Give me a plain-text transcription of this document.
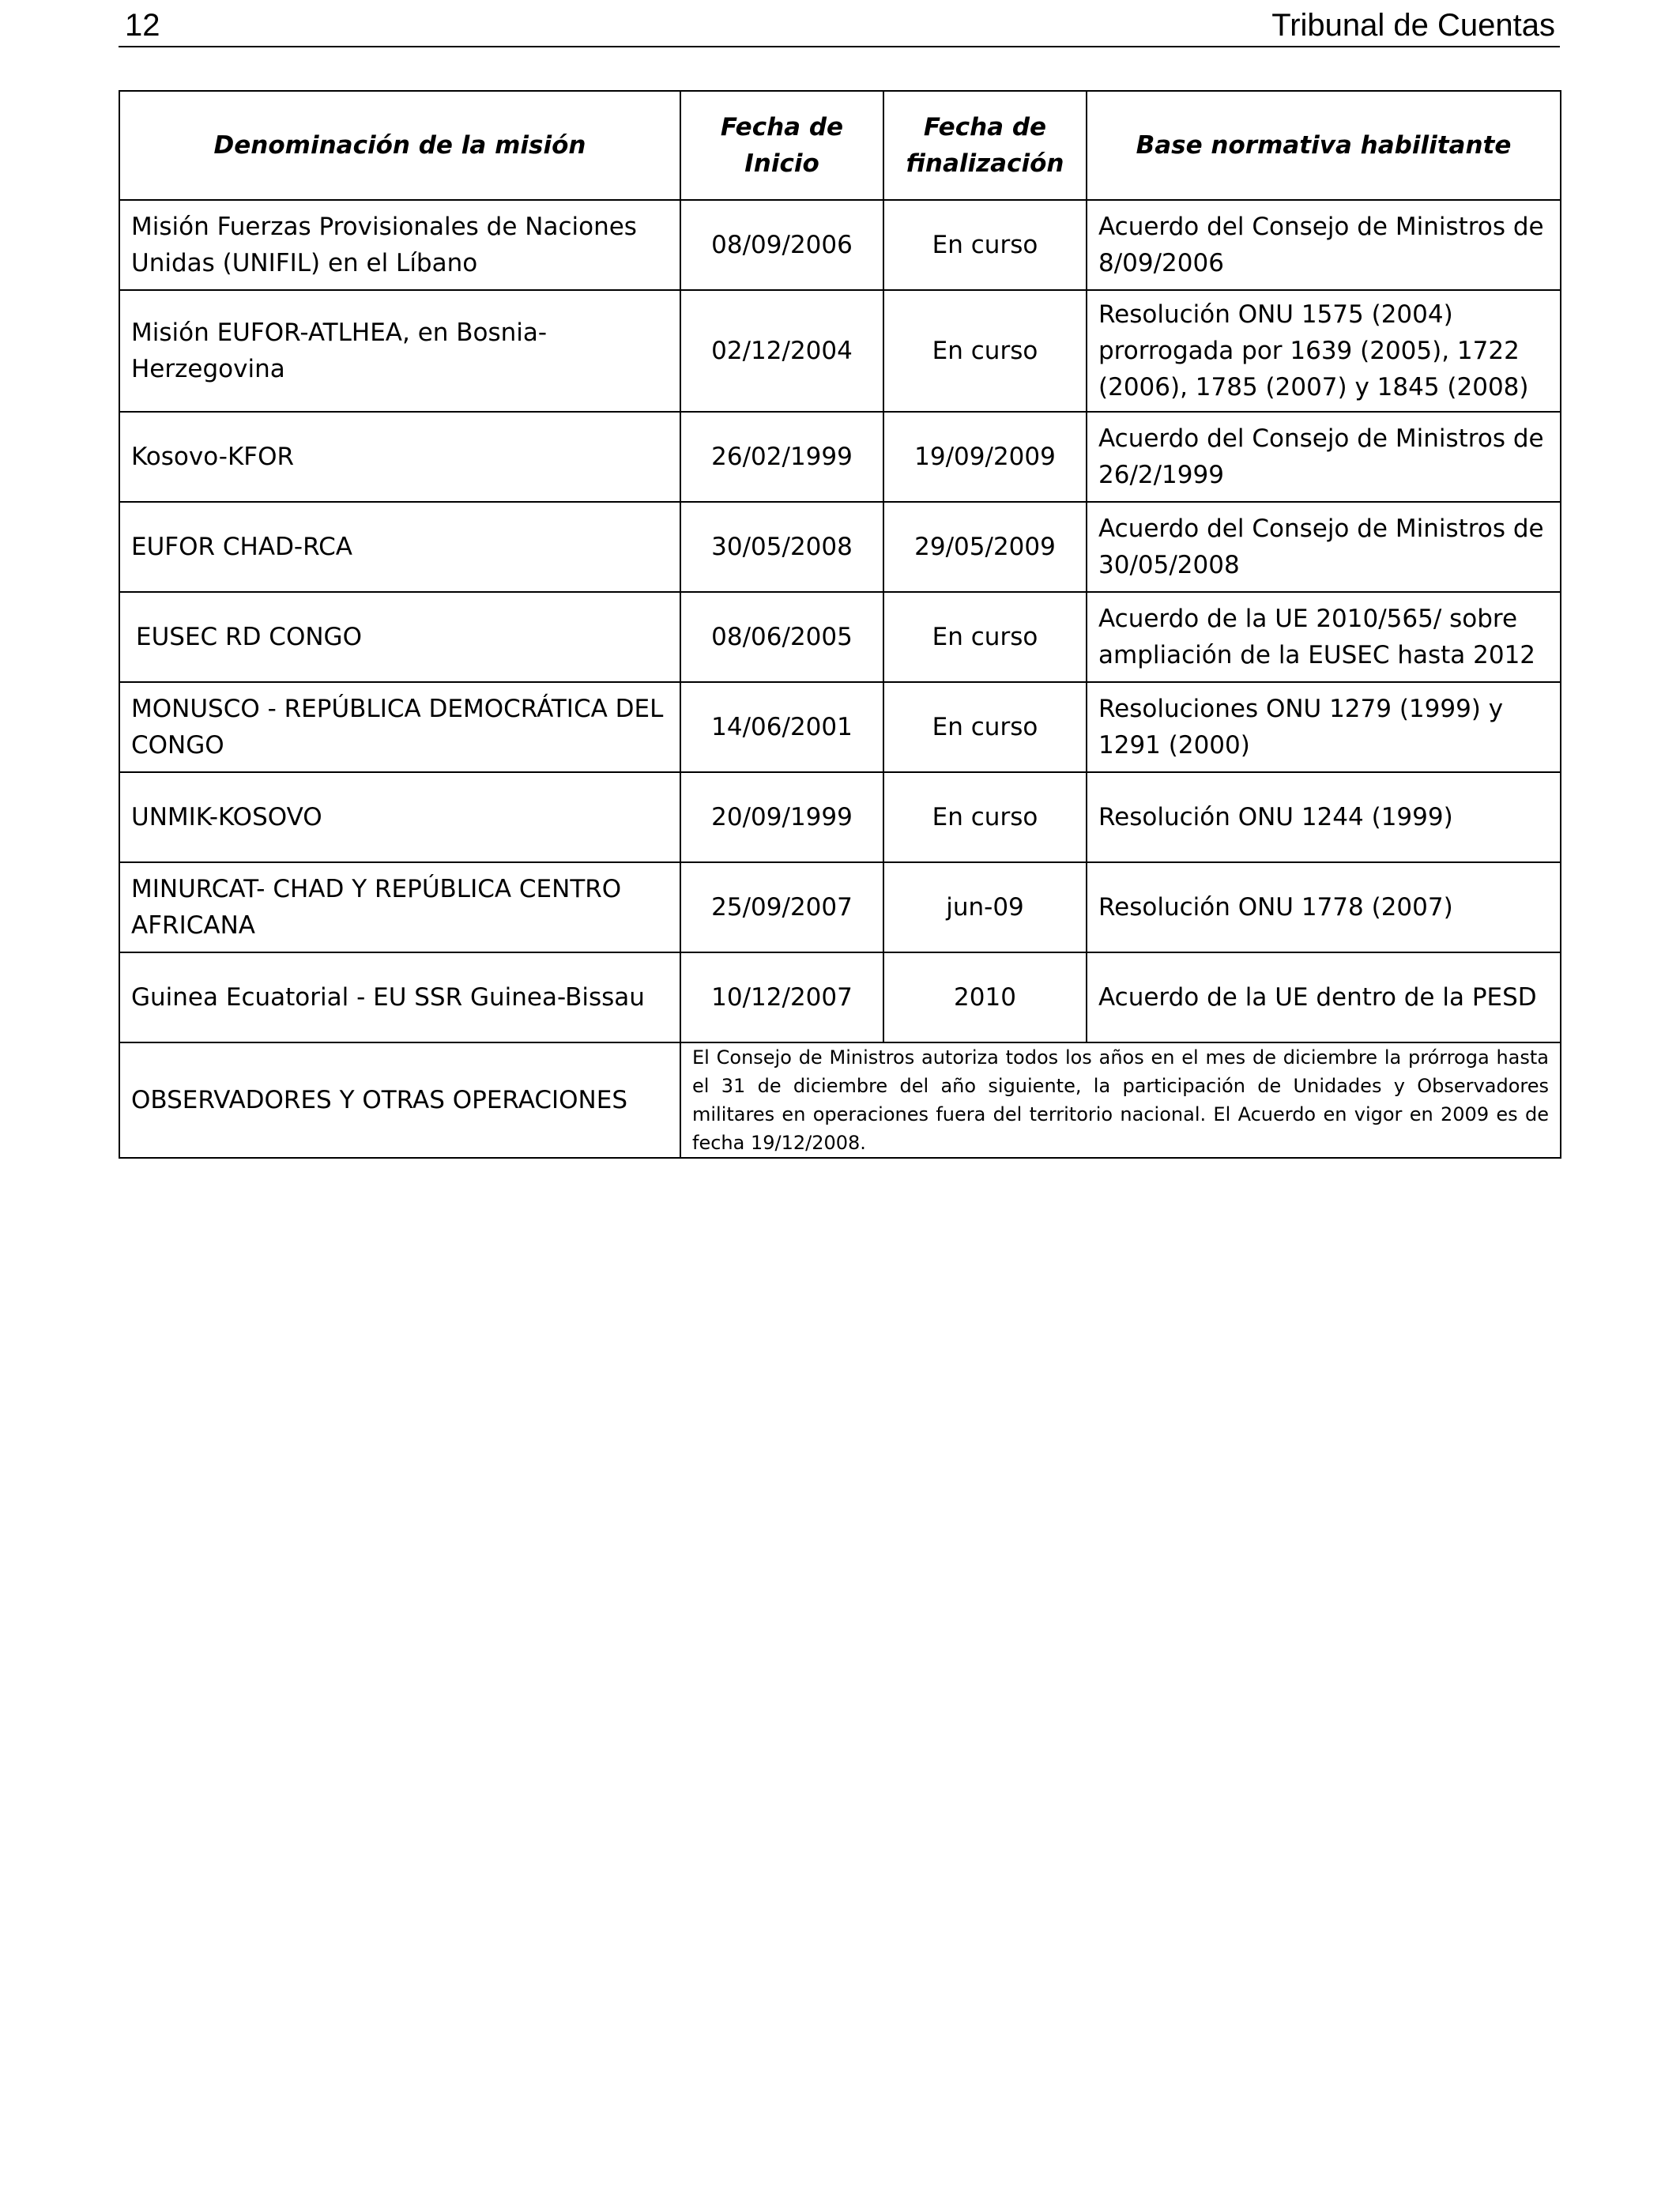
12	Tribunal de Cuentas
Denominación de la misión	Fecha de Inicio	Fecha de finalización	Base normativa habilitante
Misión Fuerzas Provisionales de Naciones Unidas (UNIFIL) en el Líbano	08/09/2006	En curso	Acuerdo del Consejo de Ministros de 8/09/2006
Misión EUFOR-ATLHEA, en Bosnia-Herzegovina	02/12/2004	En curso	Resolución ONU 1575 (2004) prorrogada por 1639 (2005), 1722 (2006), 1785 (2007) y 1845 (2008)
Kosovo-KFOR	26/02/1999	19/09/2009	Acuerdo del Consejo de Ministros de 26/2/1999
EUFOR CHAD-RCA	30/05/2008	29/05/2009	Acuerdo del Consejo de Ministros de 30/05/2008
EUSEC RD CONGO	08/06/2005	En curso	Acuerdo de la UE 2010/565/ sobre ampliación de la EUSEC hasta 2012
MONUSCO - REPÚBLICA DEMOCRÁTICA DEL CONGO	14/06/2001	En curso	Resoluciones ONU 1279 (1999) y 1291 (2000)
UNMIK-KOSOVO	20/09/1999	En curso	Resolución ONU 1244 (1999)
MINURCAT- CHAD Y REPÚBLICA CENTRO AFRICANA	25/09/2007	jun-09	Resolución ONU 1778 (2007)
Guinea Ecuatorial - EU SSR Guinea-Bissau	10/12/2007	2010	Acuerdo de la UE dentro de la PESD
OBSERVADORES Y OTRAS OPERACIONES	El Consejo de Ministros autoriza todos los años en el mes de diciembre la prórroga hasta el 31 de diciembre del año siguiente, la participación de Unidades y Observadores militares en operaciones fuera del territorio nacional. El Acuerdo en vigor en 2009 es de fecha 19/12/2008.		
